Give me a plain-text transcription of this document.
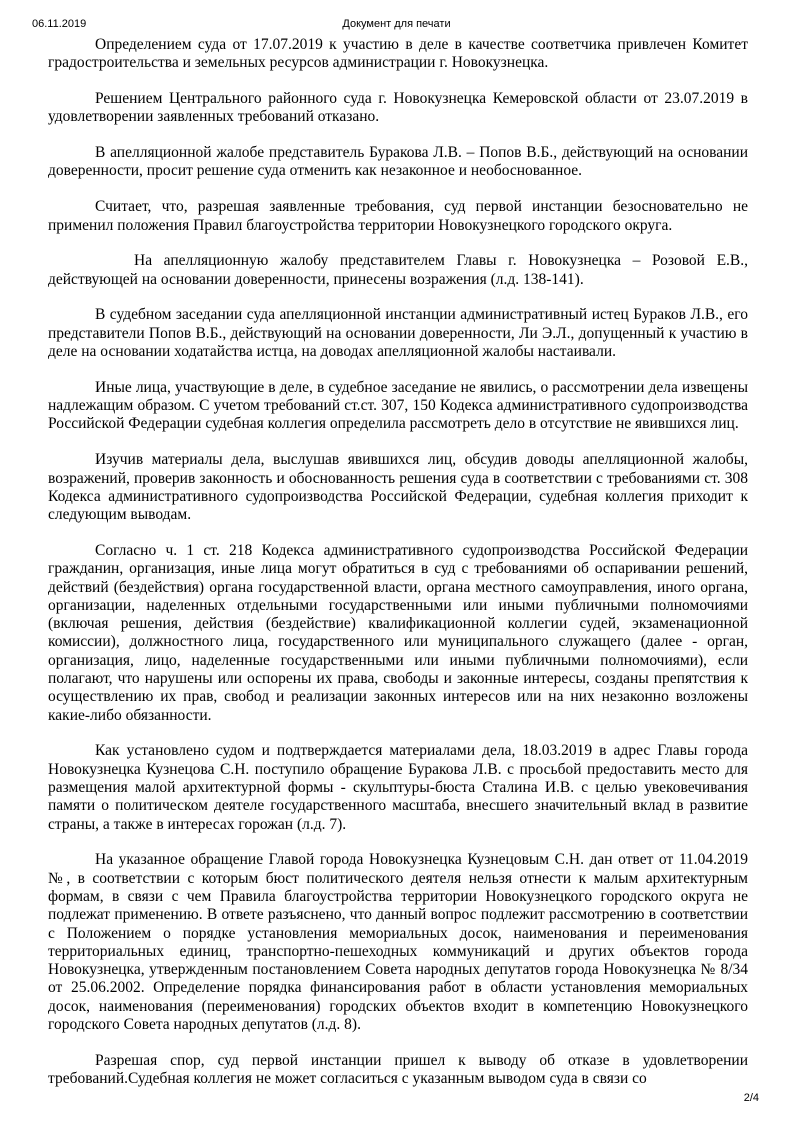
06.11.2019	Документ для печати

Определением суда от 17.07.2019 к участию в деле в качестве соответчика привлечен Комитет градостроительства и земельных ресурсов администрации г. Новокузнецка.

Решением Центрального районного суда г. Новокузнецка Кемеровской области от 23.07.2019 в удовлетворении заявленных требований отказано.

В апелляционной жалобе представитель Буракова Л.В. – Попов В.Б., действующий на основании доверенности, просит решение суда отменить как незаконное и необоснованное.

Считает, что, разрешая заявленные требования, суд первой инстанции безосновательно не применил положения Правил благоустройства территории Новокузнецкого городского округа.

На апелляционную жалобу представителем Главы г. Новокузнецка – Розовой Е.В., действующей на основании доверенности, принесены возражения (л.д. 138-141).

В судебном заседании суда апелляционной инстанции административный истец Бураков Л.В., его представители Попов В.Б., действующий на основании доверенности, Ли Э.Л., допущенный к участию в деле на основании ходатайства истца, на доводах апелляционной жалобы настаивали.

Иные лица, участвующие в деле, в судебное заседание не явились, о рассмотрении дела извещены надлежащим образом. С учетом требований ст.ст. 307, 150 Кодекса административного судопроизводства Российской Федерации судебная коллегия определила рассмотреть дело в отсутствие не явившихся лиц.

Изучив материалы дела, выслушав явившихся лиц, обсудив доводы апелляционной жалобы, возражений, проверив законность и обоснованность решения суда в соответствии с требованиями ст. 308 Кодекса административного судопроизводства Российской Федерации, судебная коллегия приходит к следующим выводам.

Согласно ч. 1 ст. 218 Кодекса административного судопроизводства Российской Федерации гражданин, организация, иные лица могут обратиться в суд с требованиями об оспаривании решений, действий (бездействия) органа государственной власти, органа местного самоуправления, иного органа, организации, наделенных отдельными государственными или иными публичными полномочиями (включая решения, действия (бездействие) квалификационной коллегии судей, экзаменационной комиссии), должностного лица, государственного или муниципального служащего (далее - орган, организация, лицо, наделенные государственными или иными публичными полномочиями), если полагают, что нарушены или оспорены их права, свободы и законные интересы, созданы препятствия к осуществлению их прав, свобод и реализации законных интересов или на них незаконно возложены какие-либо обязанности.

Как установлено судом и подтверждается материалами дела, 18.03.2019 в адрес Главы города Новокузнецка Кузнецова С.Н. поступило обращение Буракова Л.В. с просьбой предоставить место для размещения малой архитектурной формы - скульптуры-бюста Сталина И.В. с целью увековечивания памяти о политическом деятеле государственного масштаба, внесшего значительный вклад в развитие страны, а также в интересах горожан (л.д. 7).

На указанное обращение Главой города Новокузнецка Кузнецовым С.Н. дан ответ от 11.04.2019 №, в соответствии с которым бюст политического деятеля нельзя отнести к малым архитектурным формам, в связи с чем Правила благоустройства территории Новокузнецкого городского округа не подлежат применению. В ответе разъяснено, что данный вопрос подлежит рассмотрению в соответствии с Положением о порядке установления мемориальных досок, наименования и переименования территориальных единиц, транспортно-пешеходных коммуникаций и других объектов города Новокузнецка, утвержденным постановлением Совета народных депутатов города Новокузнецка № 8/34 от 25.06.2002. Определение порядка финансирования работ в области установления мемориальных досок, наименования (переименования) городских объектов входит в компетенцию Новокузнецкого городского Совета народных депутатов (л.д. 8).

Разрешая спор, суд первой инстанции пришел к выводу об отказе в удовлетворении требований.Судебная коллегия не может согласиться с указанным выводом суда в связи со

2/4
